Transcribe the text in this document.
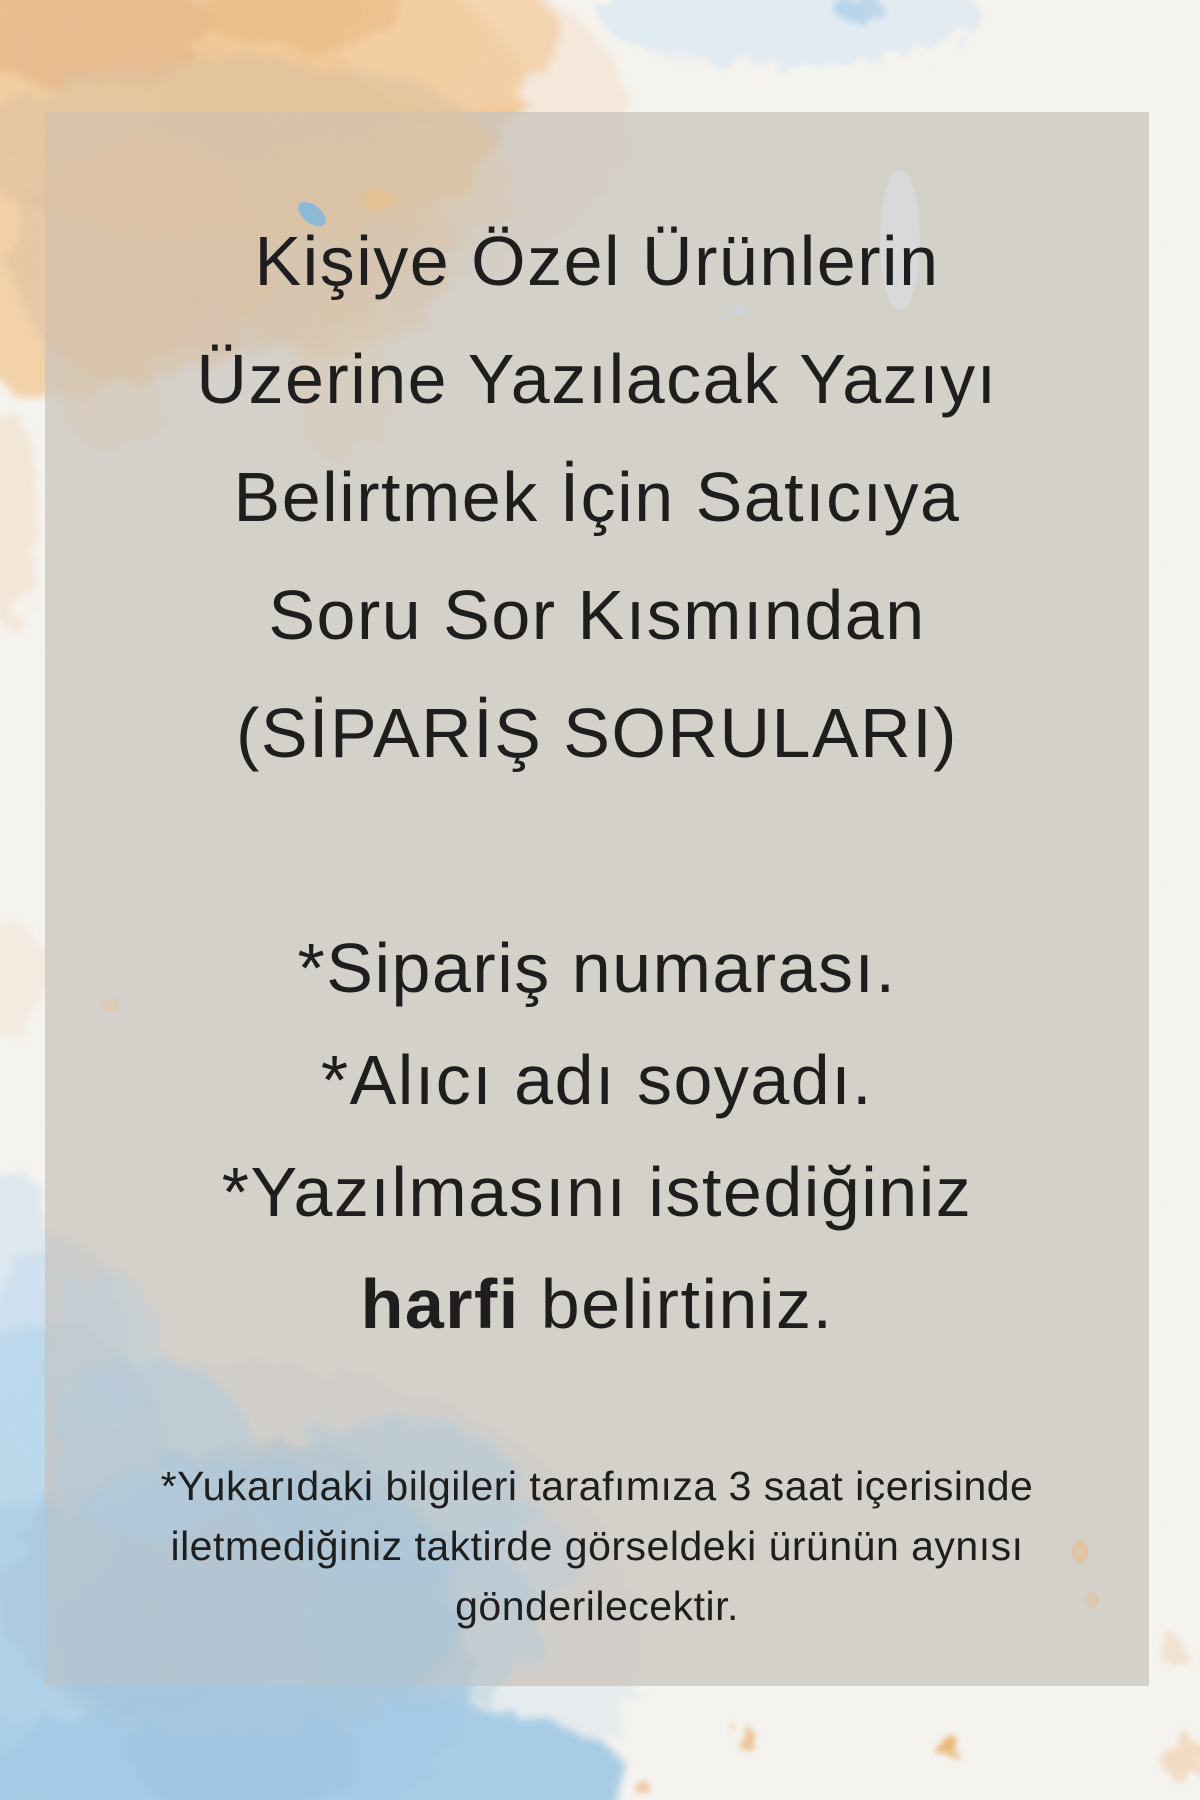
Kişiye Özel Ürünlerin
Üzerine Yazılacak Yazıyı
Belirtmek İçin Satıcıya
Soru Sor Kısmından
(SİPARİŞ SORULARI)
*Sipariş numarası.
*Alıcı adı soyadı.
*Yazılmasını istediğiniz
harfi belirtiniz.
*Yukarıdaki bilgileri tarafımıza 3 saat içerisinde
iletmediğiniz taktirde görseldeki ürünün aynısı
gönderilecektir.
